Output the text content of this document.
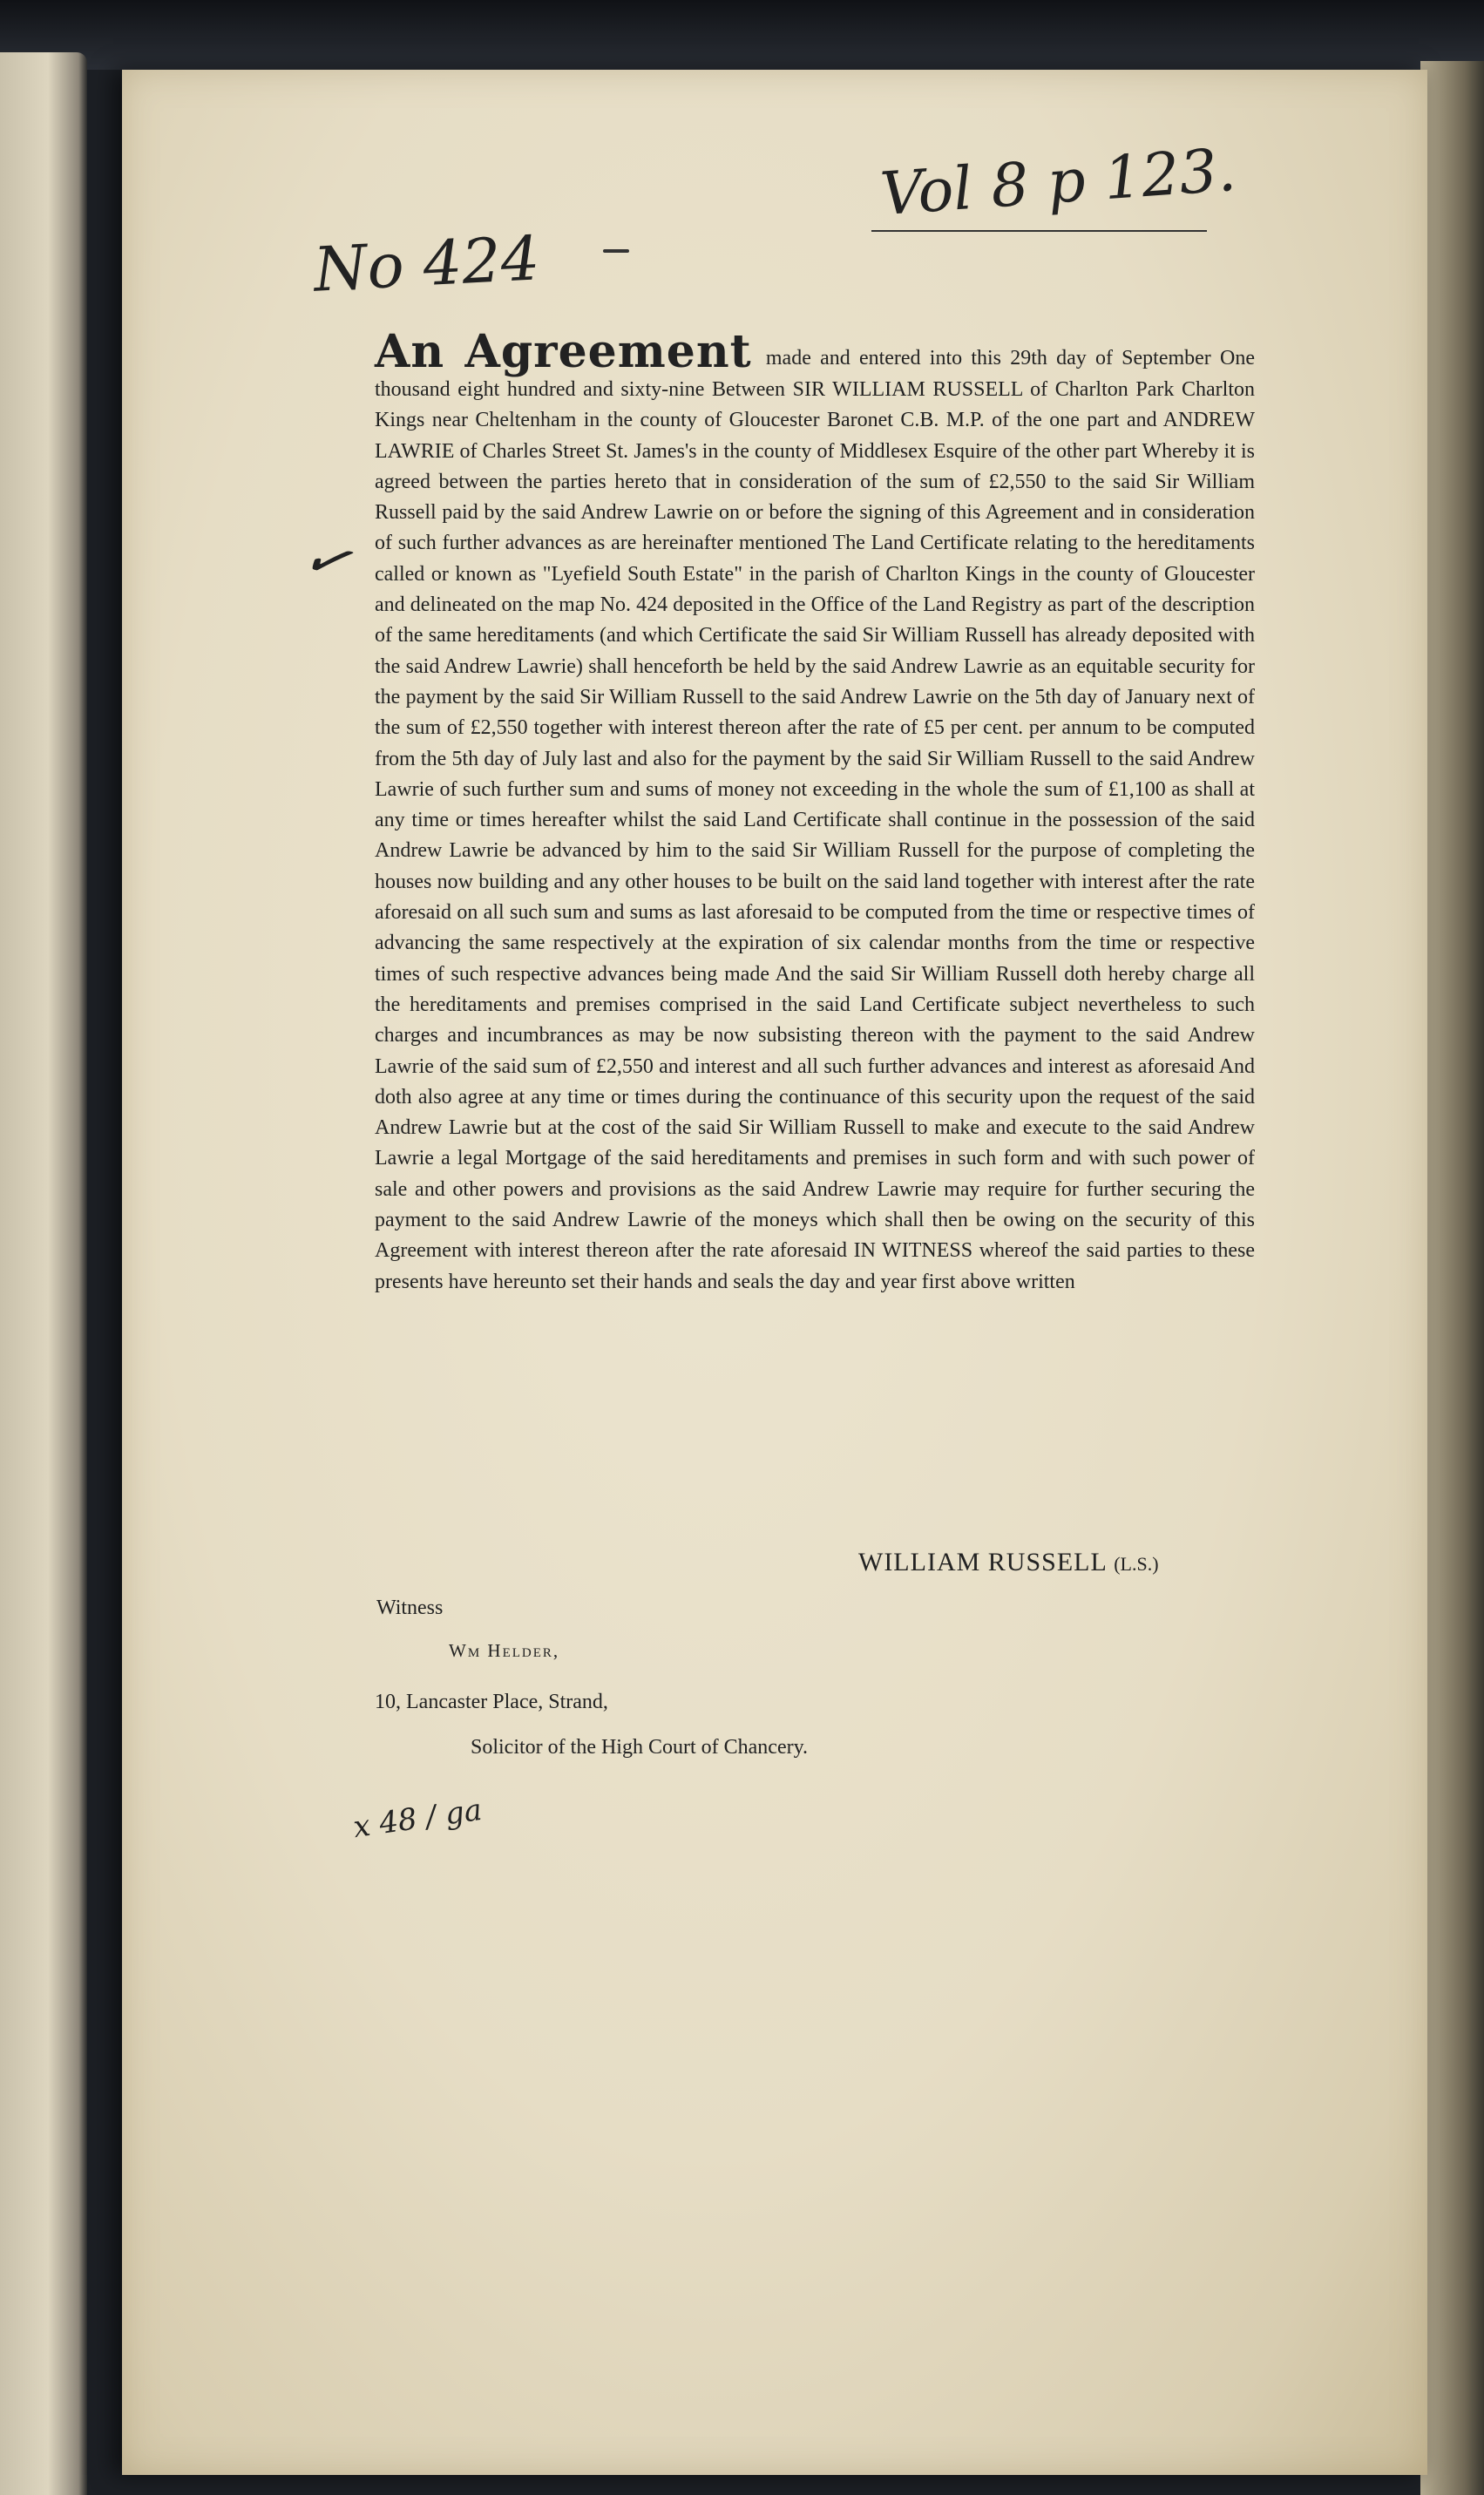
Vol 8 p 123.
No 424
✓
An Agreement made and entered into this 29th day of September One thousand eight hundred and sixty-nine Between SIR WILLIAM RUSSELL of Charlton Park Charlton Kings near Cheltenham in the county of Gloucester Baronet C.B. M.P. of the one part and ANDREW LAWRIE of Charles Street St. James's in the county of Middlesex Esquire of the other part Whereby it is agreed between the parties hereto that in consideration of the sum of £2,550 to the said Sir William Russell paid by the said Andrew Lawrie on or before the signing of this Agreement and in consideration of such further advances as are hereinafter mentioned The Land Certificate relating to the hereditaments called or known as "Lyefield South Estate" in the parish of Charlton Kings in the county of Gloucester and delineated on the map No. 424 deposited in the Office of the Land Registry as part of the description of the same hereditaments (and which Certificate the said Sir William Russell has already deposited with the said Andrew Lawrie) shall henceforth be held by the said Andrew Lawrie as an equitable security for the payment by the said Sir William Russell to the said Andrew Lawrie on the 5th day of January next of the sum of £2,550 together with interest thereon after the rate of £5 per cent. per annum to be computed from the 5th day of July last and also for the payment by the said Sir William Russell to the said Andrew Lawrie of such further sum and sums of money not exceeding in the whole the sum of £1,100 as shall at any time or times hereafter whilst the said Land Certificate shall continue in the possession of the said Andrew Lawrie be advanced by him to the said Sir William Russell for the purpose of completing the houses now building and any other houses to be built on the said land together with interest after the rate aforesaid on all such sum and sums as last aforesaid to be computed from the time or respective times of advancing the same respectively at the expiration of six calendar months from the time or respective times of such respective advances being made And the said Sir William Russell doth hereby charge all the hereditaments and premises comprised in the said Land Certificate subject nevertheless to such charges and incumbrances as may be now subsisting thereon with the payment to the said Andrew Lawrie of the said sum of £2,550 and interest and all such further advances and interest as aforesaid And doth also agree at any time or times during the continuance of this security upon the request of the said Andrew Lawrie but at the cost of the said Sir William Russell to make and execute to the said Andrew Lawrie a legal Mortgage of the said hereditaments and premises in such form and with such power of sale and other powers and provisions as the said Andrew Lawrie may require for further securing the payment to the said Andrew Lawrie of the moneys which shall then be owing on the security of this Agreement with interest thereon after the rate aforesaid IN WITNESS whereof the said parties to these presents have hereunto set their hands and seals the day and year first above written
WILLIAM RUSSELL (L.S.)
Witness
Wm Helder,
10, Lancaster Place, Strand,
Solicitor of the High Court of Chancery.
x 48 / ga
